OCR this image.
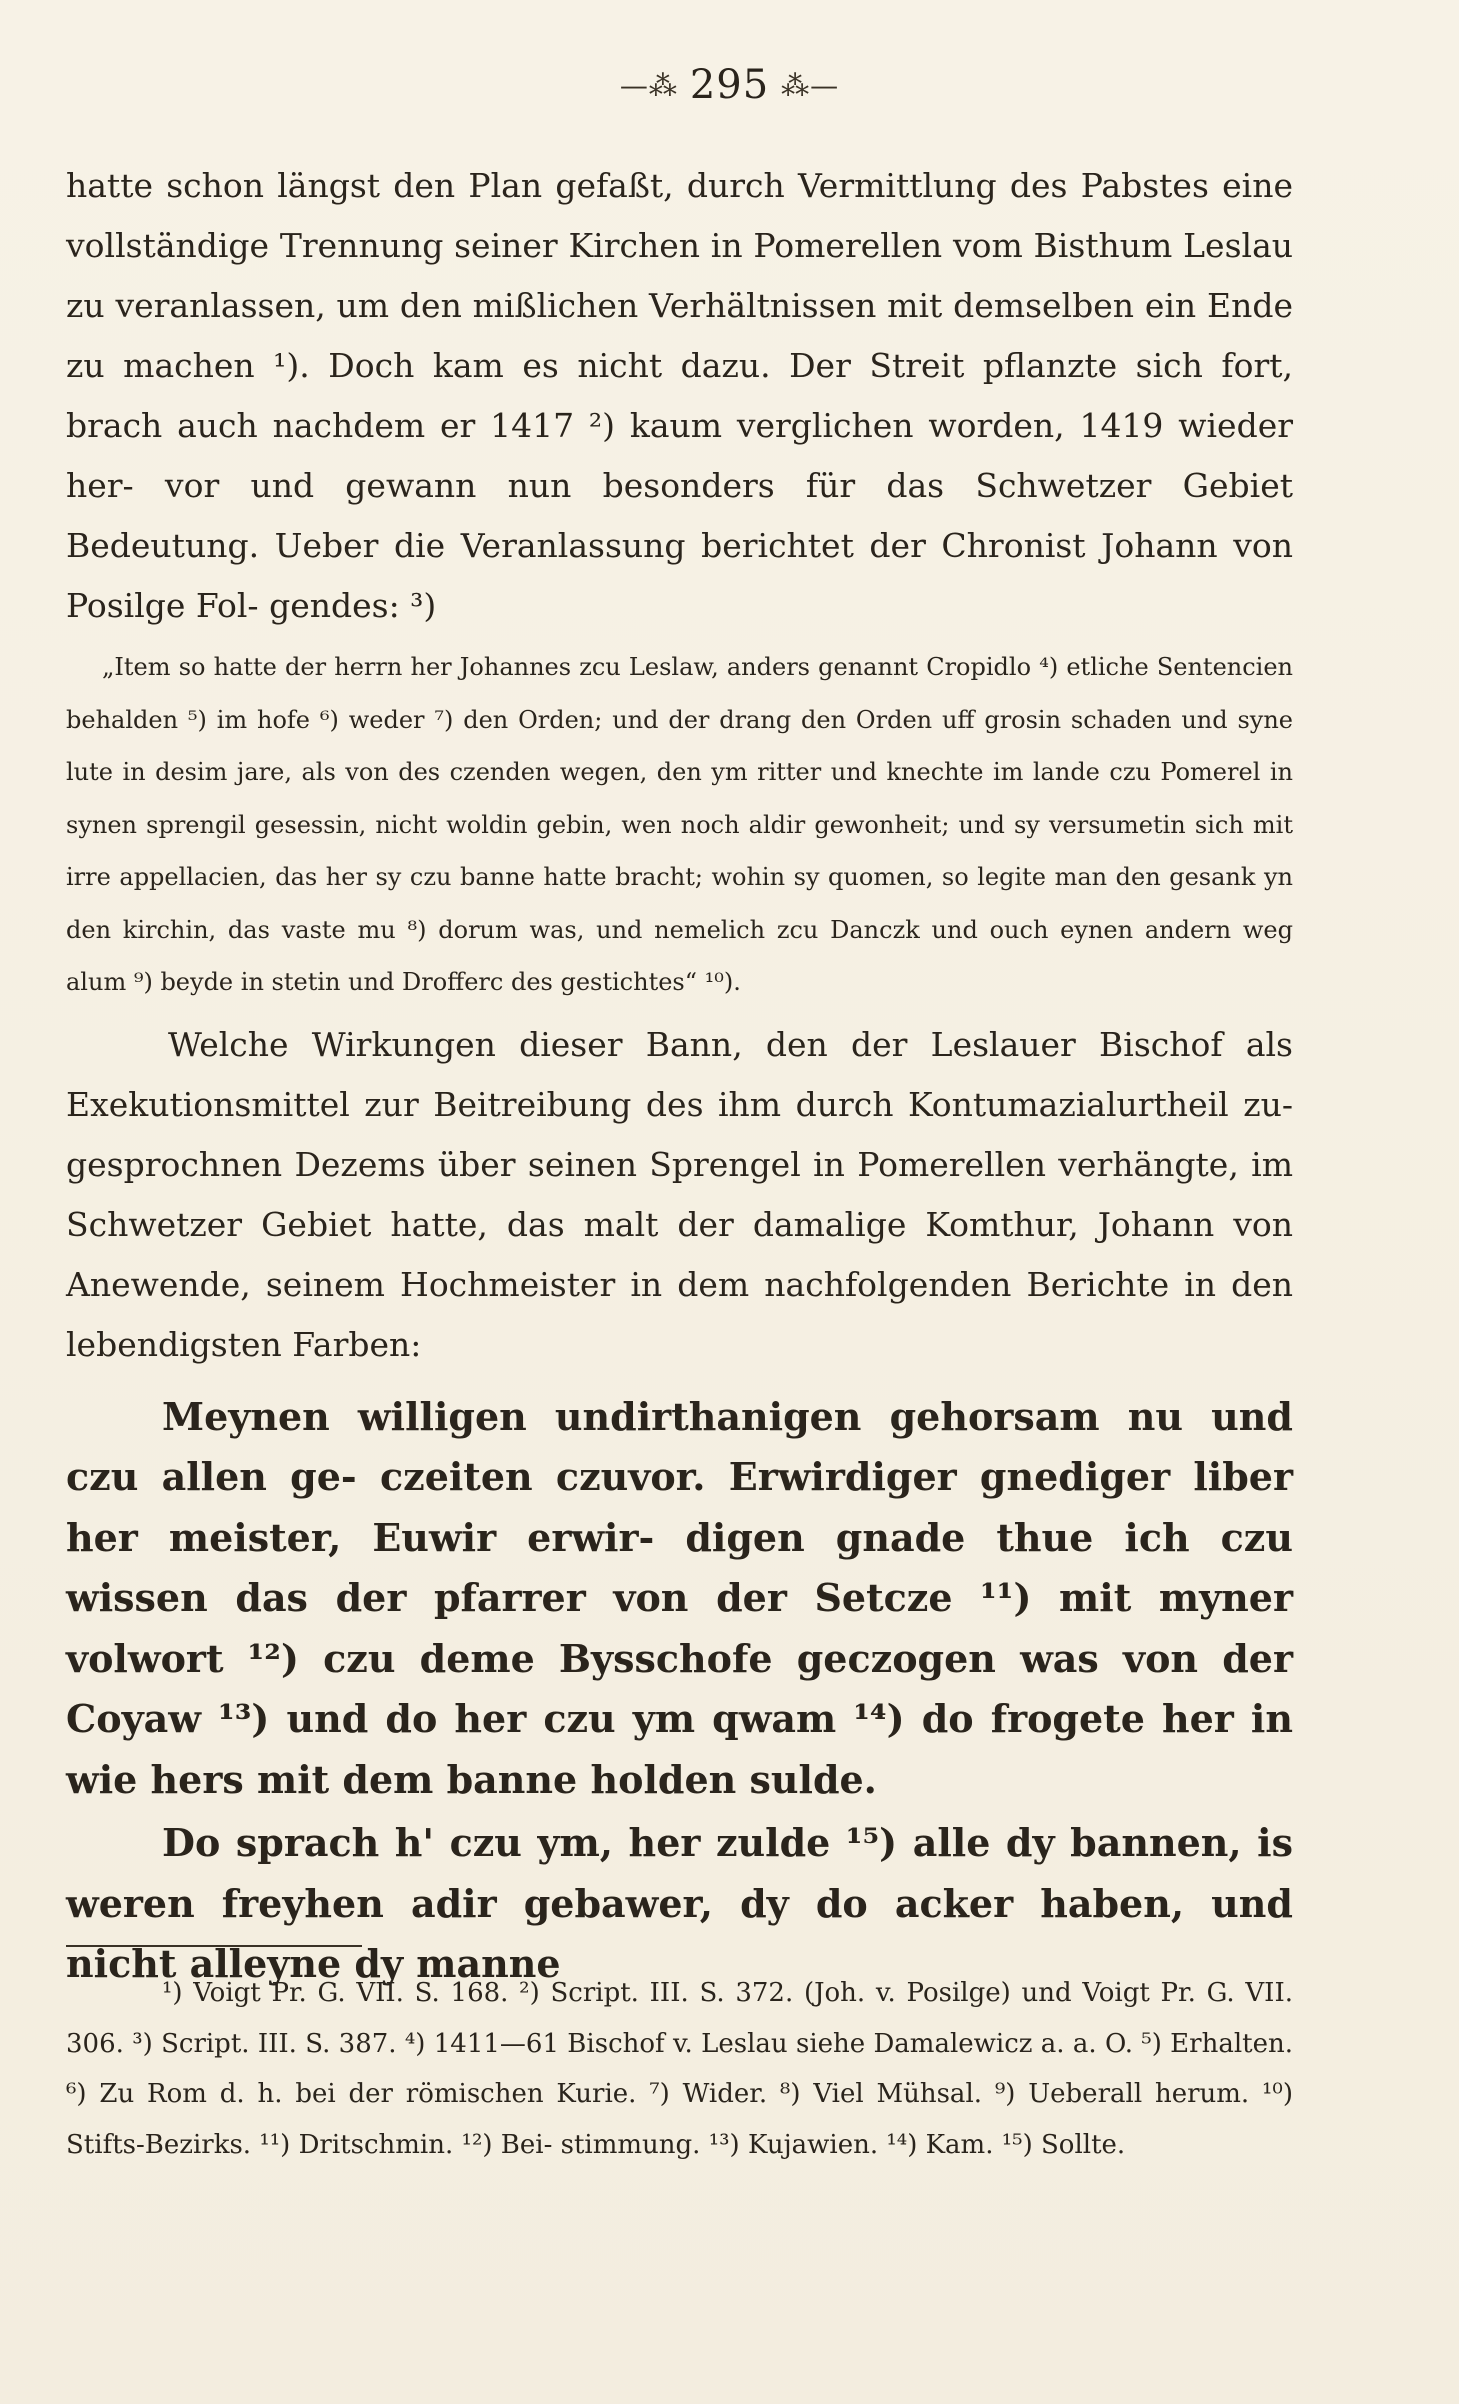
—⁂ 295 ⁂—

hatte schon längst den Plan gefaßt, durch Vermittlung des Pabstes eine vollständige Trennung seiner Kirchen in Pomerellen vom Bisthum Leslau zu veranlassen, um den mißlichen Verhältnissen mit demselben ein Ende zu machen ¹). Doch kam es nicht dazu. Der Streit pflanzte sich fort, brach auch nachdem er 1417 ²) kaum verglichen worden, 1419 wieder her- vor und gewann nun besonders für das Schwetzer Gebiet Bedeutung. Ueber die Veranlassung berichtet der Chronist Johann von Posilge Fol- gendes: ³)

„Item so hatte der herrn her Johannes zcu Leslaw, anders genannt Cropidlo ⁴) etliche Sentencien behalden ⁵) im hofe ⁶) weder ⁷) den Orden; und der drang den Orden uff grosin schaden und syne lute in desim jare, als von des czenden wegen, den ym ritter und knechte im lande czu Pomerel in synen sprengil gesessin, nicht woldin gebin, wen noch aldir gewonheit; und sy versumetin sich mit irre appellacien, das her sy czu banne hatte bracht; wohin sy quomen, so legite man den gesank yn den kirchin, das vaste mu ⁸) dorum was, und nemelich zcu Danczk und ouch eynen andern weg alum ⁹) beyde in stetin und Drofferc des gestichtes“ ¹⁰).

Welche Wirkungen dieser Bann, den der Leslauer Bischof als Exekutionsmittel zur Beitreibung des ihm durch Kontumazialurtheil zu- gesprochnen Dezems über seinen Sprengel in Pomerellen verhängte, im Schwetzer Gebiet hatte, das malt der damalige Komthur, Johann von Anewende, seinem Hochmeister in dem nachfolgenden Berichte in den lebendigsten Farben:

Meynen willigen undirthanigen gehorsam nu und czu allen ge- czeiten czuvor. Erwirdiger gnediger liber her meister, Euwir erwir- digen gnade thue ich czu wissen das der pfarrer von der Setcze ¹¹) mit myner volwort ¹²) czu deme Bysschofe geczogen was von der Coyaw ¹³) und do her czu ym qwam ¹⁴) do frogete her in wie hers mit dem banne holden sulde.

Do sprach h' czu ym, her zulde ¹⁵) alle dy bannen, is weren freyhen adir gebawer, dy do acker haben, und nicht alleyne dy manne

¹) Voigt Pr. G. VII. S. 168. ²) Script. III. S. 372. (Joh. v. Posilge) und Voigt Pr. G. VII. 306. ³) Script. III. S. 387. ⁴) 1411—61 Bischof v. Leslau siehe Damalewicz a. a. O. ⁵) Erhalten. ⁶) Zu Rom d. h. bei der römischen Kurie. ⁷) Wider. ⁸) Viel Mühsal. ⁹) Ueberall herum. ¹⁰) Stifts-Bezirks. ¹¹) Dritschmin. ¹²) Bei- stimmung. ¹³) Kujawien. ¹⁴) Kam. ¹⁵) Sollte.
